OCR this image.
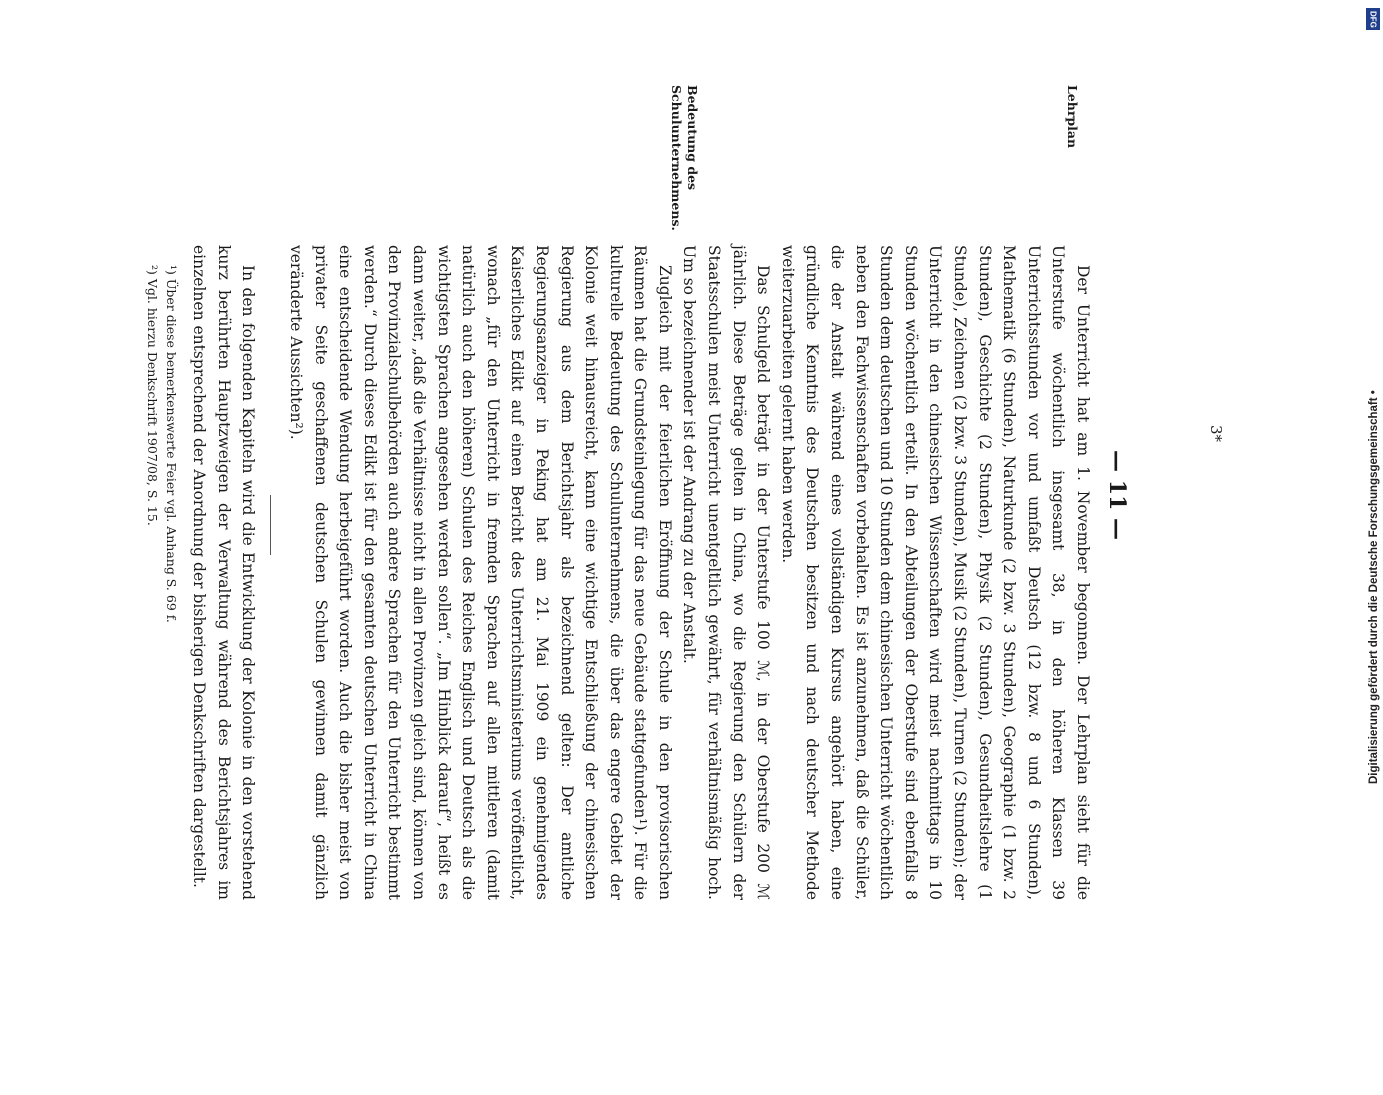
— 11 —
Lehrplan
Bedeutung des Schulunternehmens.
3*

Der Unterricht hat am 1. November begonnen. Der Lehrplan sieht für die Unterstufe wöchentlich insgesamt 38, in den höheren Klassen 39 Unterrichtsstunden vor und umfaßt Deutsch (12 bzw. 8 und 6 Stunden), Mathematik (6 Stunden), Naturkunde (2 bzw. 3 Stunden), Geographie (1 bzw. 2 Stunden), Geschichte (2 Stunden), Physik (2 Stunden), Gesundheitslehre (1 Stunde), Zeichnen (2 bzw. 3 Stunden), Musik (2 Stunden), Turnen (2 Stunden); der Unterricht in den chinesischen Wissenschaften wird meist nachmittags in 10 Stunden wöchentlich erteilt. In den Abteilungen der Oberstufe sind ebenfalls 8 Stunden dem deutschen und 10 Stunden dem chinesischen Unterricht wöchentlich neben den Fachwissenschaften vorbehalten. Es ist anzunehmen, daß die Schüler, die der Anstalt während eines vollständigen Kursus angehört haben, eine gründliche Kenntnis des Deutschen besitzen und nach deutscher Methode weiterzuarbeiten gelernt haben werden.

Das Schulgeld beträgt in der Unterstufe 100 ℳ, in der Oberstufe 200 ℳ jährlich. Diese Beträge gelten in China, wo die Regierung den Schülern der Staatsschulen meist Unterricht unentgeltlich gewährt, für verhältnismäßig hoch. Um so bezeichnender ist der Andrang zu der Anstalt.

Zugleich mit der feierlichen Eröffnung der Schule in den provisorischen Räumen hat die Grundsteinlegung für das neue Gebäude stattgefunden¹). Für die kulturelle Bedeutung des Schulunternehmens, die über das engere Gebiet der Kolonie weit hinausreicht, kann eine wichtige Entschließung der chinesischen Regierung aus dem Berichtsjahr als bezeichnend gelten: Der amtliche Regierungsanzeiger in Peking hat am 21. Mai 1909 ein genehmigendes Kaiserliches Edikt auf einen Bericht des Unterrichtsministeriums veröffentlicht, wonach „für den Unterricht in fremden Sprachen auf allen mittleren (damit natürlich auch den höheren) Schulen des Reiches Englisch und Deutsch als die wichtigsten Sprachen angesehen werden sollen“. „Im Hinblick darauf“, heißt es dann weiter, „daß die Verhältnisse nicht in allen Provinzen gleich sind, können von den Provinzialschulbehörden auch andere Sprachen für den Unterricht bestimmt werden.“ Durch dieses Edikt ist für den gesamten deutschen Unterricht in China eine entscheidende Wendung herbeigeführt worden. Auch die bisher meist von privater Seite geschaffenen deutschen Schulen gewinnen damit gänzlich veränderte Aussichten²).

In den folgenden Kapiteln wird die Entwicklung der Kolonie in den vorstehend kurz berührten Hauptzweigen der Verwaltung während des Berichtsjahres im einzelnen entsprechend der Anordnung der bisherigen Denkschriften dargestellt.

¹) Über diese bemerkenswerte Feier vgl. Anhang S. 69 f.
²) Vgl. hierzu Denkschrift 1907/08, S. 15.
DFG
Digitalisierung gefördert durch die Deutsche Forschungsgemeinschaft •
